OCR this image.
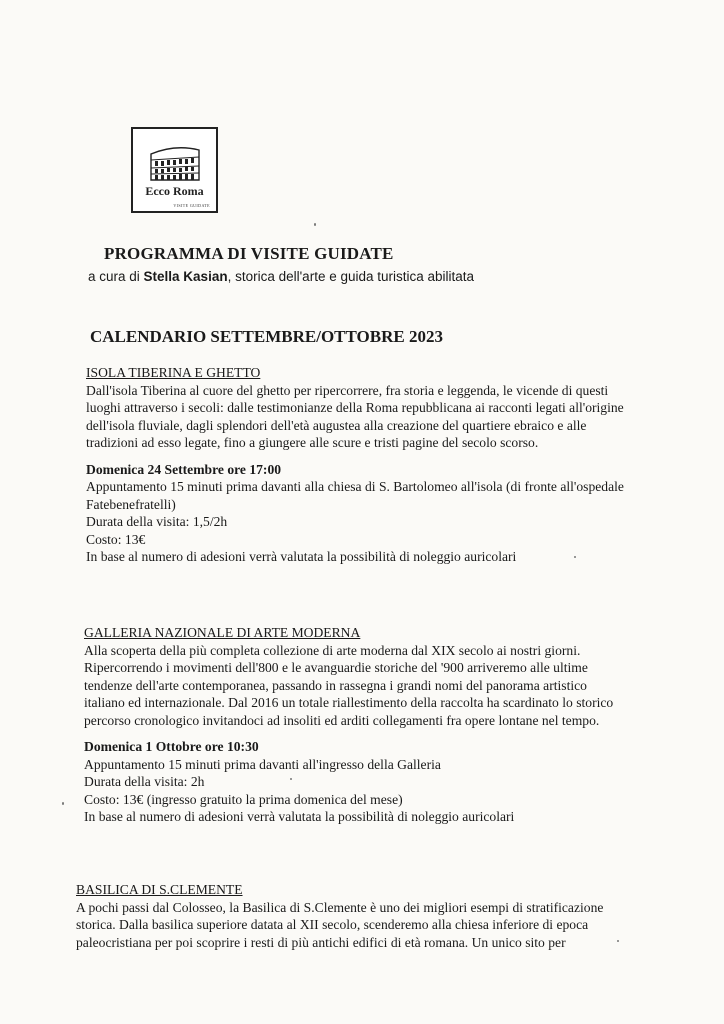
Ecco Roma
VISITE GUIDATE
PROGRAMMA DI VISITE GUIDATE
a cura di Stella Kasian, storica dell'arte e guida turistica abilitata
CALENDARIO SETTEMBRE/OTTOBRE 2023
ISOLA TIBERINA E GHETTO
Dall'isola Tiberina al cuore del ghetto per ripercorrere, fra storia e leggenda, le vicende di questi
luoghi attraverso i secoli: dalle testimonianze della Roma repubblicana ai racconti legati all'origine
dell'isola fluviale, dagli splendori dell'età augustea alla creazione del quartiere ebraico e alle
tradizioni ad esso legate, fino a giungere alle scure e tristi pagine del secolo scorso.
Domenica 24 Settembre ore 17:00
Appuntamento 15 minuti prima davanti alla chiesa di S. Bartolomeo all'isola (di fronte all'ospedale
Fatebenefratelli)
Durata della visita: 1,5/2h
Costo: 13€
In base al numero di adesioni verrà valutata la possibilità di noleggio auricolari
GALLERIA NAZIONALE DI ARTE MODERNA
Alla scoperta della più completa collezione di arte moderna dal XIX secolo ai nostri giorni.
Ripercorrendo i movimenti dell'800 e le avanguardie storiche del '900 arriveremo alle ultime
tendenze dell'arte contemporanea, passando in rassegna i grandi nomi del panorama artistico
italiano ed internazionale. Dal 2016 un totale riallestimento della raccolta ha scardinato lo storico
percorso cronologico invitandoci ad insoliti ed arditi collegamenti fra opere lontane nel tempo.
Domenica 1 Ottobre ore 10:30
Appuntamento 15 minuti prima davanti all'ingresso della Galleria
Durata della visita: 2h
Costo: 13€ (ingresso gratuito la prima domenica del mese)
In base al numero di adesioni verrà valutata la possibilità di noleggio auricolari
BASILICA DI S.CLEMENTE
A pochi passi dal Colosseo, la Basilica di S.Clemente è uno dei migliori esempi di stratificazione
storica. Dalla basilica superiore datata al XII secolo, scenderemo alla chiesa inferiore di epoca
paleocristiana per poi scoprire i resti di più antichi edifici di età romana. Un unico sito per
